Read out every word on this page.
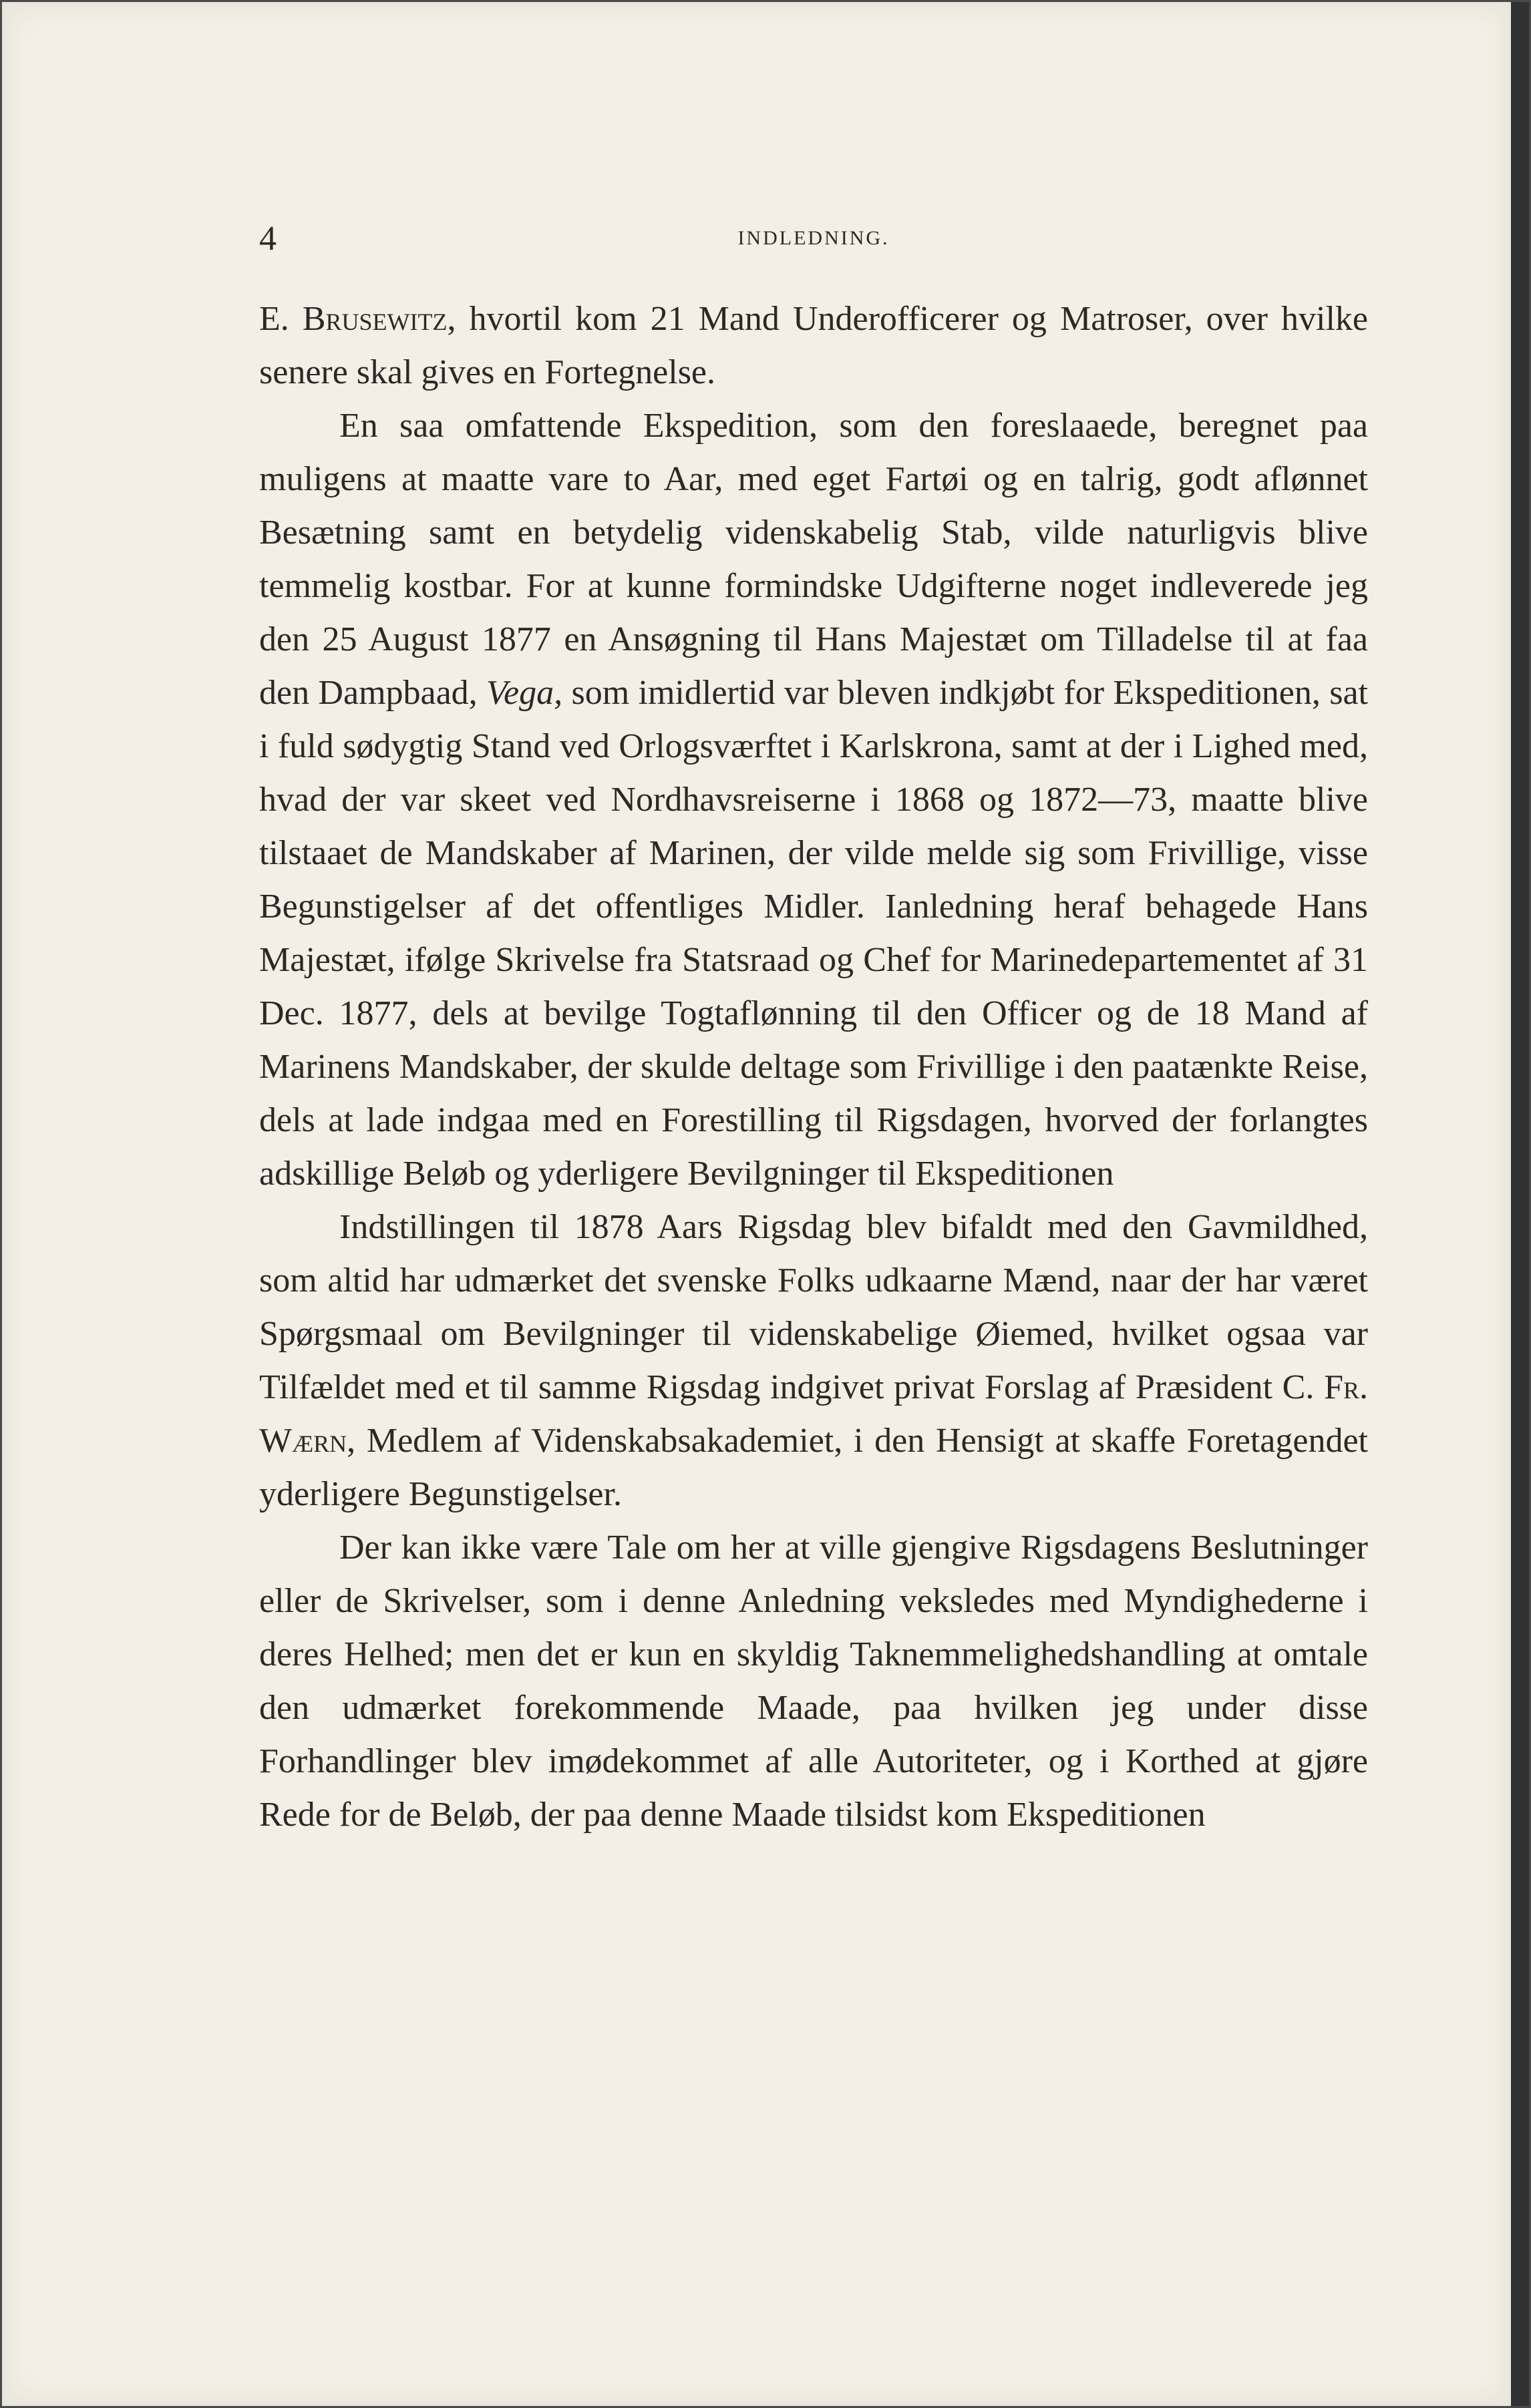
4	INDLEDNING.

E. Brusewitz, hvortil kom 21 Mand Underofficerer og Matroser, over hvilke senere skal gives en Fortegnelse.

En saa omfattende Ekspedition, som den foreslaaede, beregnet paa muligens at maatte vare to Aar, med eget Fartøi og en talrig, godt aflønnet Besætning samt en betydelig videnskabelig Stab, vilde naturligvis blive temmelig kostbar. For at kunne formindske Udgifterne noget indleverede jeg den 25 August 1877 en Ansøgning til Hans Majestæt om Tilladelse til at faa den Dampbaad, Vega, som imidlertid var bleven indkjøbt for Ekspeditionen, sat i fuld sødygtig Stand ved Orlogsværftet i Karlskrona, samt at der i Lighed med, hvad der var skeet ved Nordhavsreiserne i 1868 og 1872—73, maatte blive tilstaaet de Mandskaber af Marinen, der vilde melde sig som Frivillige, visse Begunstigelser af det offentliges Midler. Ianledning heraf behagede Hans Majestæt, ifølge Skrivelse fra Statsraad og Chef for Marinedepartementet af 31 Dec. 1877, dels at bevilge Togtaflønning til den Officer og de 18 Mand af Marinens Mandskaber, der skulde deltage som Frivillige i den paatænkte Reise, dels at lade indgaa med en Forestilling til Rigsdagen, hvorved der forlangtes adskillige Beløb og yderligere Bevilgninger til Ekspeditionen

Indstillingen til 1878 Aars Rigsdag blev bifaldt med den Gavmildhed, som altid har udmærket det svenske Folks udkaarne Mænd, naar der har været Spørgsmaal om Bevilgninger til videnskabelige Øiemed, hvilket ogsaa var Tilfældet med et til samme Rigsdag indgivet privat Forslag af Præsident C. Fr. Wærn, Medlem af Videnskabsakademiet, i den Hensigt at skaffe Foretagendet yderligere Begunstigelser.

Der kan ikke være Tale om her at ville gjengive Rigsdagens Beslutninger eller de Skrivelser, som i denne Anledning veksledes med Myndighederne i deres Helhed; men det er kun en skyldig Taknemmelighedshandling at omtale den udmærket forekommende Maade, paa hvilken jeg under disse Forhandlinger blev imødekommet af alle Autoriteter, og i Korthed at gjøre Rede for de Beløb, der paa denne Maade tilsidst kom Ekspeditionen
